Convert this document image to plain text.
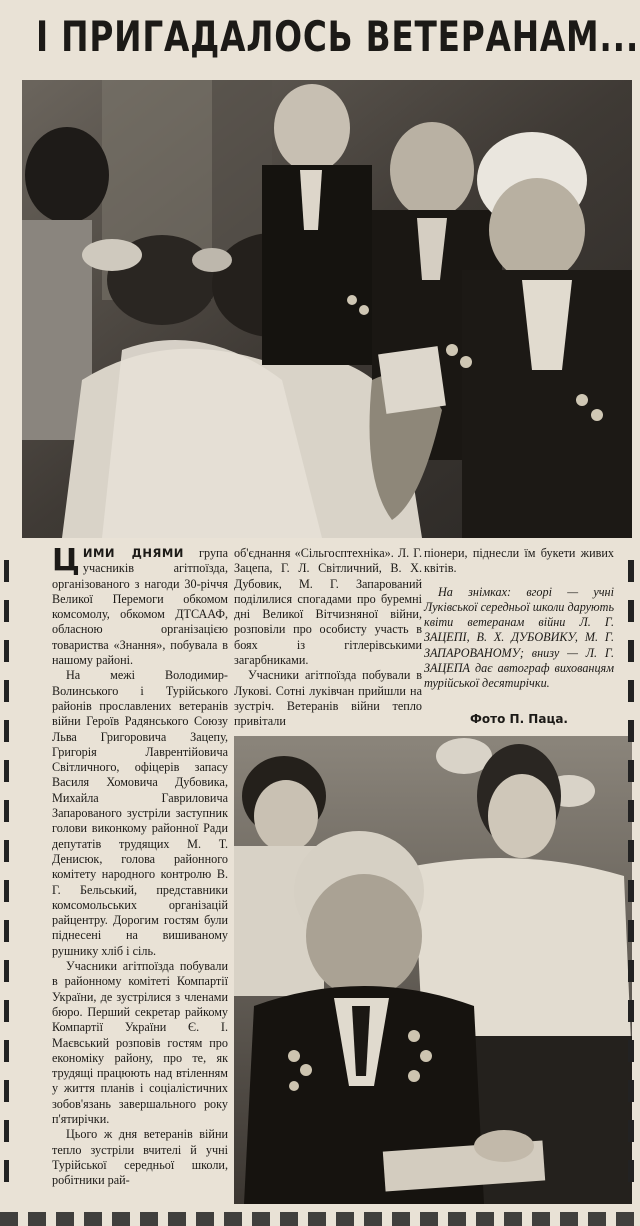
І ПРИГАДАЛОСЬ ВЕТЕРАНАМ...

ЦИМИ ДНЯМИ група учасників агітпоїзда, організованого з нагоди 30-річчя Великої Перемоги обкомом комсомолу, обкомом ДТСААФ, обласною організацією товариства «Знання», побувала в нашому районі.

На межі Володимир-Волинського і Турійського районів прославлених ветеранів війни Героїв Радянського Союзу Льва Григоровича Зацепу, Григорія Лаврентійовича Світличного, офіцерів запасу Василя Хомовича Дубовика, Михайла Гавриловича Запарованого зустріли заступник голови виконкому районної Ради депутатів трудящих М. Т. Денисюк, голова районного комітету народного контролю В. Г. Бельський, представники комсомольських організацій райцентру. Дорогим гостям були піднесені на вишиваному рушнику хліб і сіль.

Учасники агітпоїзда побували в районному комітеті Компартії України, де зустрілися з членами бюро. Перший секретар райкому Компартії України Є. І. Маєвський розповів гостям про економіку району, про те, як трудящі працюють над втіленням у життя планів і соціалістичних зобов'язань завершального року п'ятирічки.

Цього ж дня ветеранів війни тепло зустріли вчителі й учні Турійської середньої школи, робітники рай-

об'єднання «Сільгосптехніка». Л. Г. Зацепа, Г. Л. Світличний, В. Х. Дубовик, М. Г. Запарований поділилися спогадами про буремні дні Великої Вітчизняної війни, розповіли про особисту участь в боях із гітлерівськими загарбниками.

Учасники агітпоїзда побували в Лукові. Сотні луківчан прийшли на зустріч. Ветеранів війни тепло привітали

піонери, піднесли їм букети живих квітів.

На знімках: вгорі — учні Луківської середньої школи дарують квіти ветеранам війни Л. Г. ЗАЦЕПІ, В. Х. ДУБОВИКУ, М. Г. ЗАПАРОВАНОМУ; внизу — Л. Г. ЗАЦЕПА дає автограф вихованцям турійської десятирічки.

Фото П. Паца.
